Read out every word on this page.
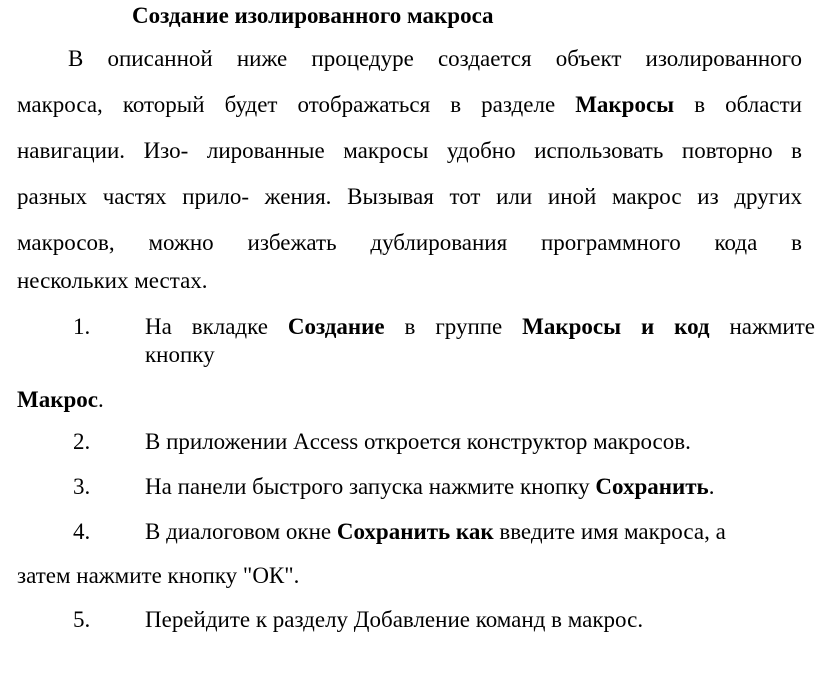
Создание изолированного макроса
В описанной ниже процедуре создается объект изолированного
макроса, который будет отображаться в разделе Макросы в области
навигации. Изо- лированные макросы удобно использовать повторно в
разных частях прило- жения. Вызывая тот или иной макрос из других
макросов, можно избежать дублирования программного кода в
нескольких местах.
1. На вкладке Создание в группе Макросы и код нажмите
кнопку
Макрос.
2. В приложении Access откроется конструктор макросов.
3. На панели быстрого запуска нажмите кнопку Сохранить.
4. В диалоговом окне Сохранить как введите имя макроса, а
затем нажмите кнопку "ОК".
5. Перейдите к разделу Добавление команд в макрос.
